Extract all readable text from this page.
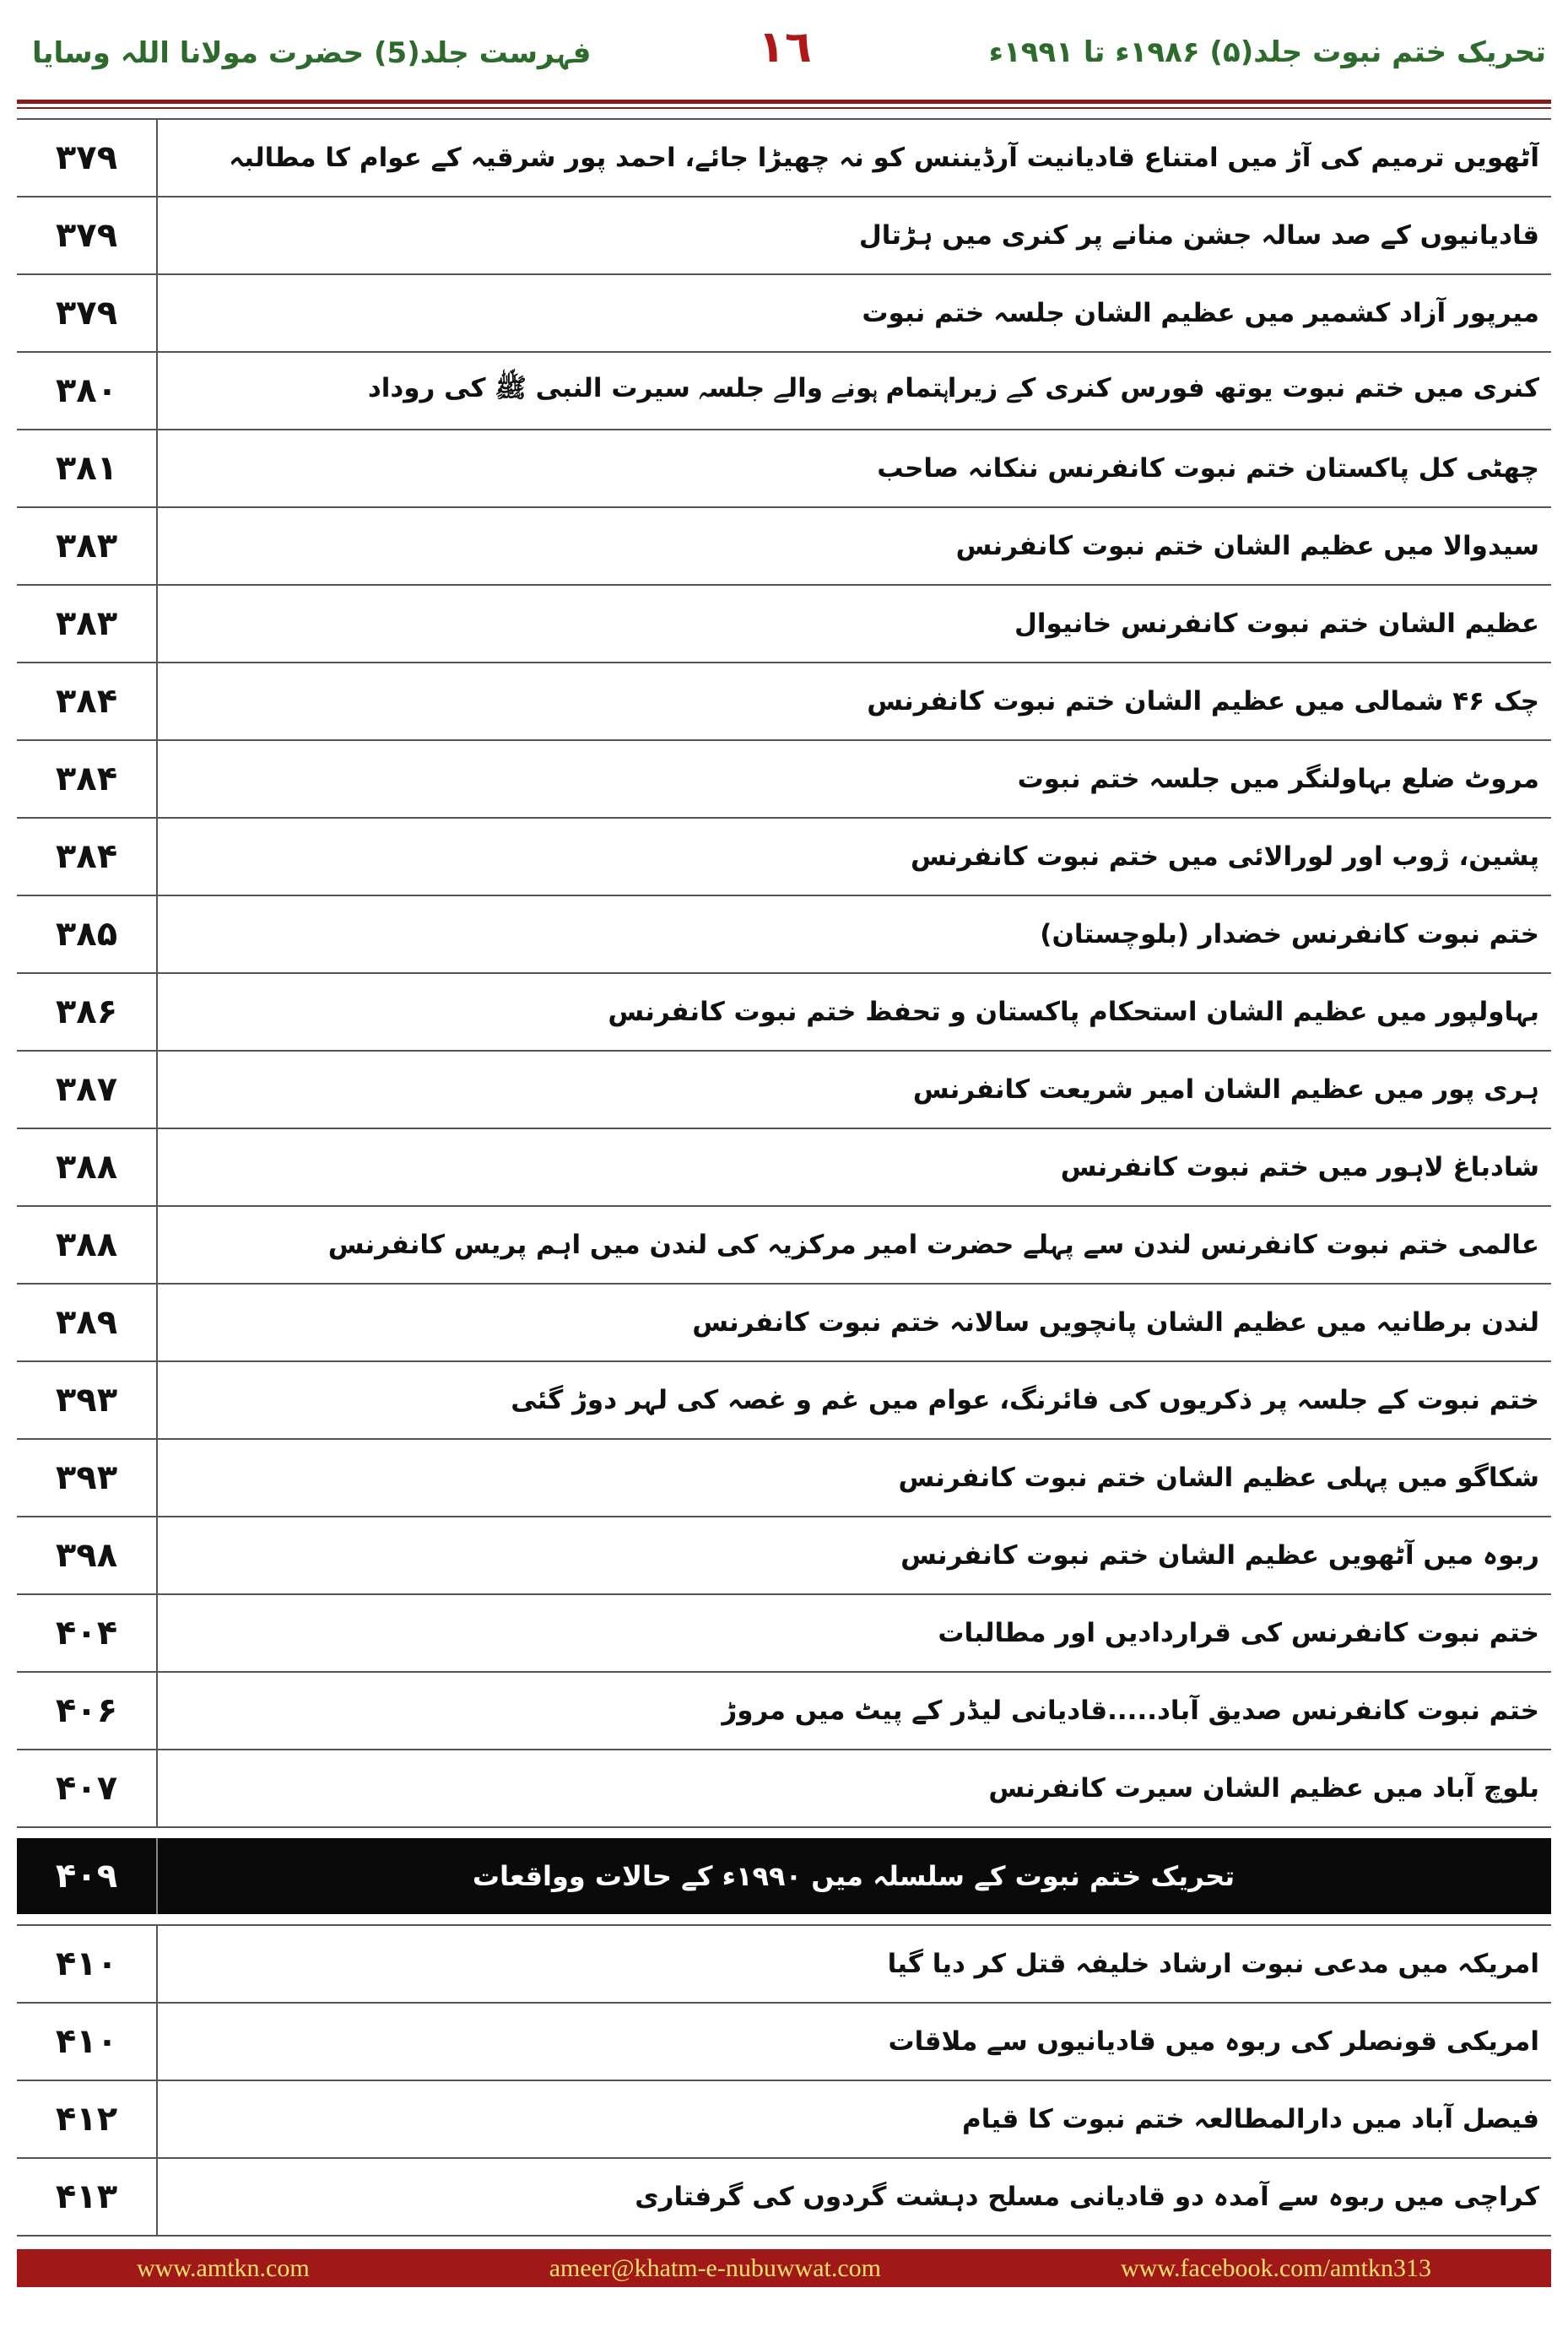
فہرست جلد(5) حضرت مولانا اللہ وسایا	١٦	تحریک ختم نبوت جلد(۵) ۱۹۸۶ء تا ۱۹۹۱ء
۳۷۹	آٹھویں ترمیم کی آڑ میں امتناع قادیانیت آرڈیننس کو نہ چھیڑا جائے، احمد پور شرقیہ کے عوام کا مطالبہ
۳۷۹	قادیانیوں کے صد سالہ جشن منانے پر کنری میں ہڑتال
۳۷۹	میرپور آزاد کشمیر میں عظیم الشان جلسہ ختم نبوت
۳۸۰	کنری میں ختم نبوت یوتھ فورس کنری کے زیراہتمام ہونے والے جلسہ سیرت النبی ﷺ کی روداد
۳۸۱	چھٹی کل پاکستان ختم نبوت کانفرنس ننکانہ صاحب
۳۸۳	سیدوالا میں عظیم الشان ختم نبوت کانفرنس
۳۸۳	عظیم الشان ختم نبوت کانفرنس خانیوال
۳۸۴	چک ۴۶ شمالی میں عظیم الشان ختم نبوت کانفرنس
۳۸۴	مروٹ ضلع بہاولنگر میں جلسہ ختم نبوت
۳۸۴	پشین، ژوب اور لورالائی میں ختم نبوت کانفرنس
۳۸۵	ختم نبوت کانفرنس خضدار (بلوچستان)
۳۸۶	بہاولپور میں عظیم الشان استحکام پاکستان و تحفظ ختم نبوت کانفرنس
۳۸۷	ہری پور میں عظیم الشان امیر شریعت کانفرنس
۳۸۸	شادباغ لاہور میں ختم نبوت کانفرنس
۳۸۸	عالمی ختم نبوت کانفرنس لندن سے پہلے حضرت امیر مرکزیہ کی لندن میں اہم پریس کانفرنس
۳۸۹	لندن برطانیہ میں عظیم الشان پانچویں سالانہ ختم نبوت کانفرنس
۳۹۳	ختم نبوت کے جلسہ پر ذکریوں کی فائرنگ، عوام میں غم و غصہ کی لہر دوڑ گئی
۳۹۳	شکاگو میں پہلی عظیم الشان ختم نبوت کانفرنس
۳۹۸	ربوہ میں آٹھویں عظیم الشان ختم نبوت کانفرنس
۴۰۴	ختم نبوت کانفرنس کی قراردادیں اور مطالبات
۴۰۶	ختم نبوت کانفرنس صدیق آباد.....قادیانی لیڈر کے پیٹ میں مروڑ
۴۰۷	بلوچ آباد میں عظیم الشان سیرت کانفرنس
۴۰۹	تحریک ختم نبوت کے سلسلہ میں ۱۹۹۰ء کے حالات وواقعات
۴۱۰	امریکہ میں مدعی نبوت ارشاد خلیفہ قتل کر دیا گیا
۴۱۰	امریکی قونصلر کی ربوہ میں قادیانیوں سے ملاقات
۴۱۲	فیصل آباد میں دارالمطالعہ ختم نبوت کا قیام
۴۱۳	کراچی میں ربوہ سے آمدہ دو قادیانی مسلح دہشت گردوں کی گرفتاری
www.amtkn.com	ameer@khatm-e-nubuwwat.com	www.facebook.com/amtkn313
